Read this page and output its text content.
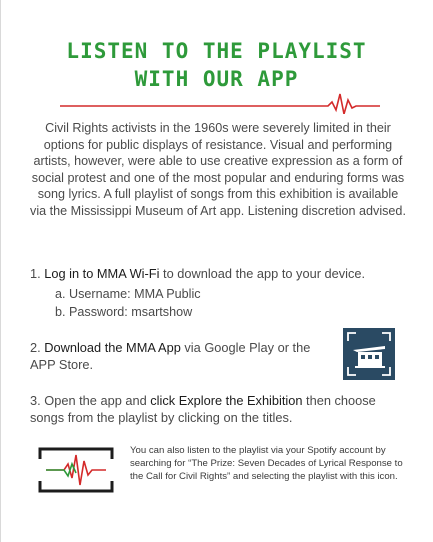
LISTEN TO THE PLAYLIST
WITH OUR APP
Civil Rights activists in the 1960s were severely limited in their options for public displays of resistance. Visual and performing artists, however, were able to use creative expression as a form of social protest and one of the most popular and enduring forms was song lyrics. A full playlist of songs from this exhibition is available via the Mississippi Museum of Art app. Listening discretion advised.
1. Log in to MMA Wi-Fi to download the app to your device.
a. Username: MMA Public
b. Password: msartshow
2. Download the MMA App via Google Play or the APP Store.
3. Open the app and click Explore the Exhibition then choose songs from the playlist by clicking on the titles.
You can also listen to the playlist via your Spotify account by searching for “The Prize: Seven Decades of Lyrical Response to the Call for Civil Rights” and selecting the playlist with this icon.
